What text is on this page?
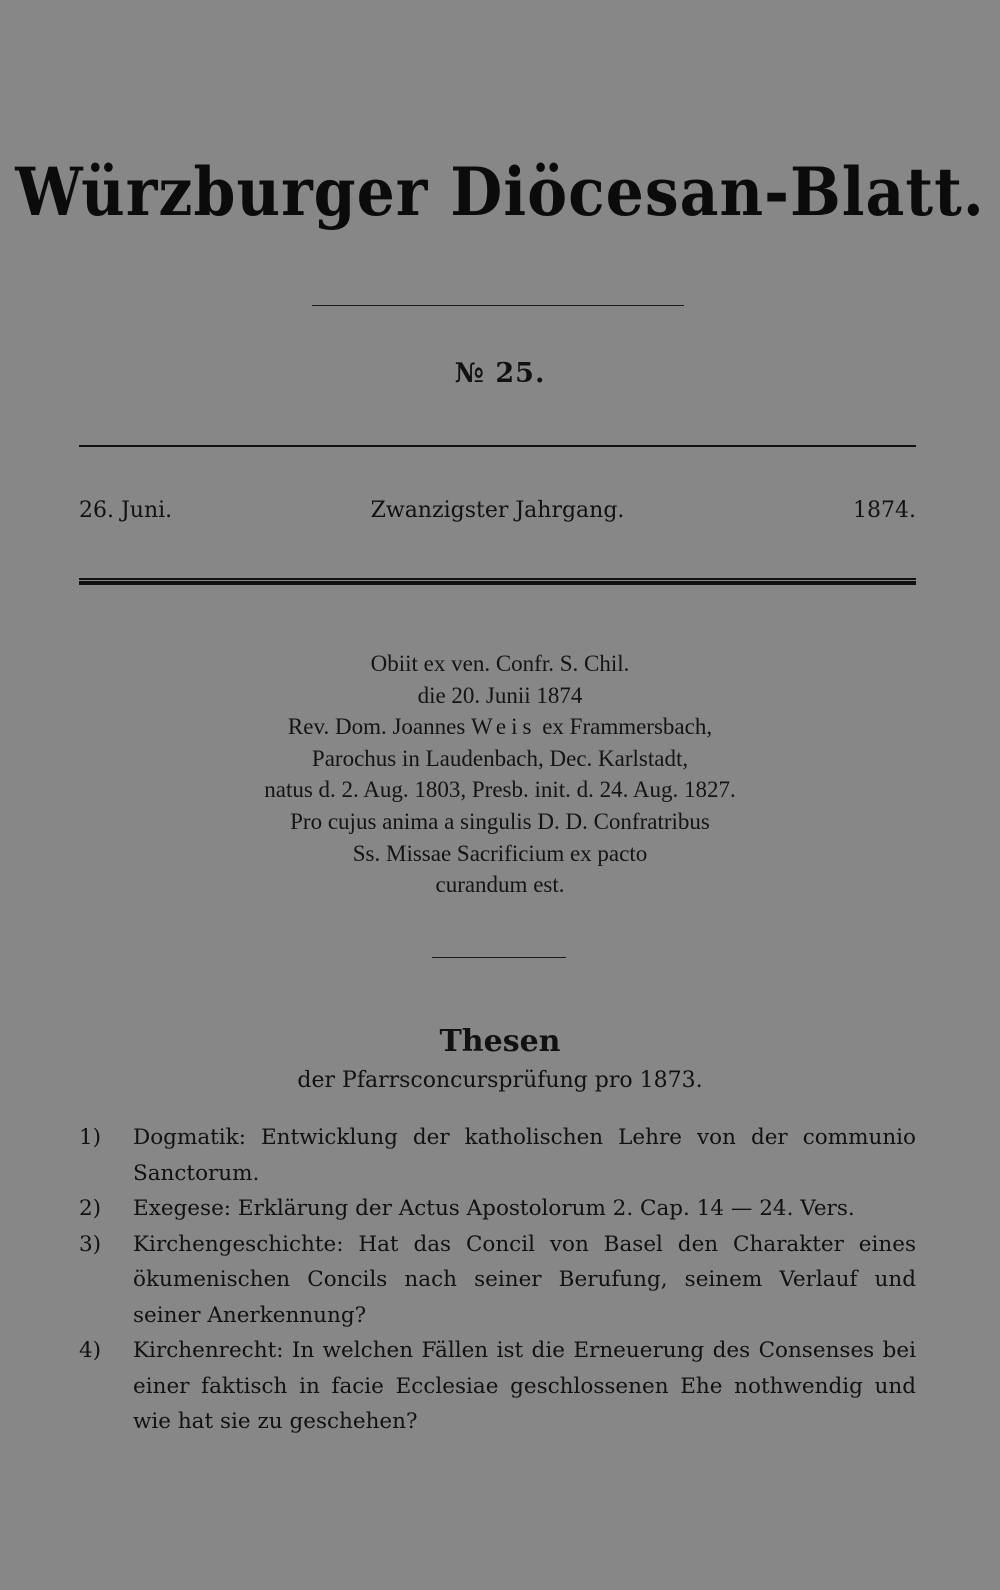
Würzburger Diöcesan-Blatt.
№ 25.
26. Juni.	Zwanzigster Jahrgang.	1874.
Obiit ex ven. Confr. S. Chil.
die 20. Junii 1874
Rev. Dom. Joannes Weis ex Frammersbach,
Parochus in Laudenbach, Dec. Karlstadt,
natus d. 2. Aug. 1803, Presb. init. d. 24. Aug. 1827.
Pro cujus anima a singulis D. D. Confratribus
Ss. Missae Sacrificium ex pacto
curandum est.
Thesen
der Pfarrsconcursprüfung pro 1873.
1) Dogmatik: Entwicklung der katholischen Lehre von der communio Sanctorum.
2) Exegese: Erklärung der Actus Apostolorum 2. Cap. 14 — 24. Vers.
3) Kirchengeschichte: Hat das Concil von Basel den Charakter eines ökumenischen Concils nach seiner Berufung, seinem Verlauf und seiner Anerkennung?
4) Kirchenrecht: In welchen Fällen ist die Erneuerung des Consenses bei einer faktisch in facie Ecclesiae geschlossenen Ehe nothwendig und wie hat sie zu geschehen?
